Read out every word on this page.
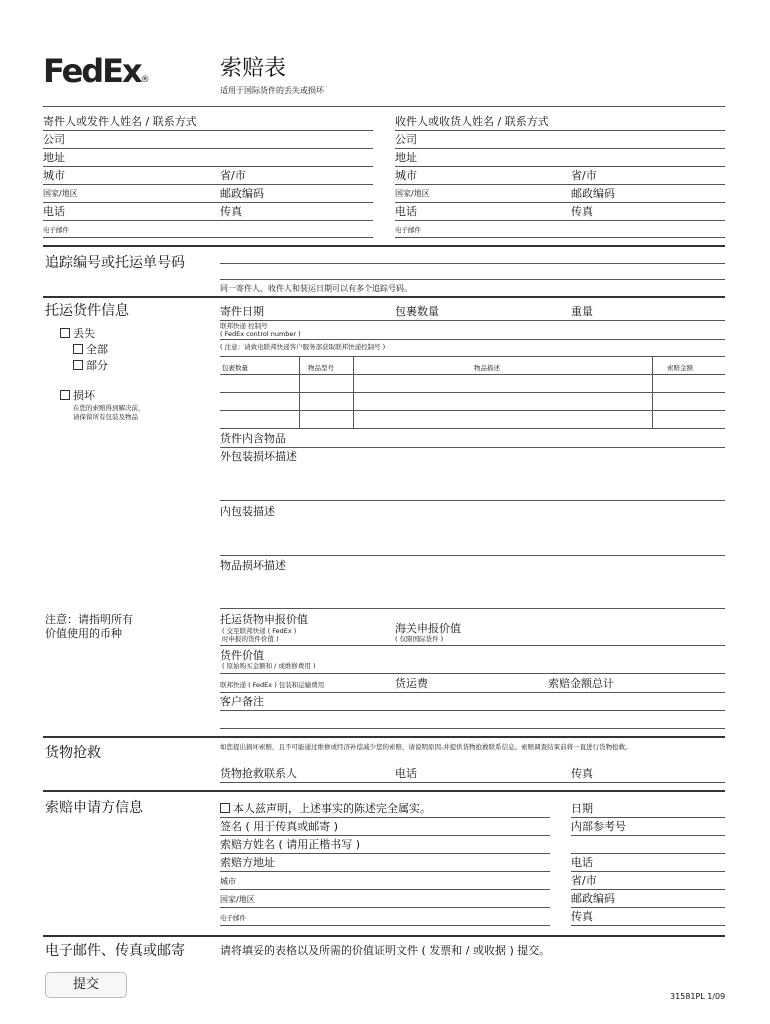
FedEx®	索赔表
适用于国际货件的丢失或损坏
寄件人或发件人姓名 / 联系方式
公司
地址
城市	省/市
国家/地区	邮政编码
电话	传真
电子邮件
收件人或收货人姓名 / 联系方式
公司
地址
城市	省/市
国家/地区	邮政编码
电话	传真
电子邮件
追踪编号或托运单号码
同一寄件人、收件人和装运日期可以有多个追踪号码。
托运货件信息	寄件日期	包裹数量	重量
联邦快递 控制号
( FedEx control number )
( 注意：请致电联邦快递客户服务部获取联邦快递控制号 )
丢失
全部
部分
损坏
在您的索赔得到解决前，
请保留所有包装及物品
包裹数量	物品型号	物品描述	索赔金额
货件内含物品
外包装损坏描述
内包装描述
物品损坏描述
注意：请指明所有
价值使用的币种
托运货物申报价值
( 交至联邦快递 ( FedEx )
时申报的货件价值 )
海关申报价值
( 仅限国际货件 )
货件价值
( 原始购买金额和 / 或维修费用 )
联邦快递 ( FedEx ) 包装和运输费用	货运费	索赔金额总计
客户备注
货物抢救	如您提出损坏索赔，且不可能通过维修或经济补偿减少您的索赔，请说明原因,并提供货物抢救联系信息。索赔调查结束前将一直进行货物抢救。
货物抢救联系人	电话	传真
索赔申请方信息	本人兹声明，上述事实的陈述完全属实。	日期
签名 ( 用于传真或邮寄 )	内部参考号
索赔方姓名 ( 请用正楷书写 )
索赔方地址	电话
城市	省/市
国家/地区	邮政编码
电子邮件	传真
电子邮件、传真或邮寄	请将填妥的表格以及所需的价值证明文件 ( 发票和 / 或收据 ) 提交。
提交
31581PL 1/09
